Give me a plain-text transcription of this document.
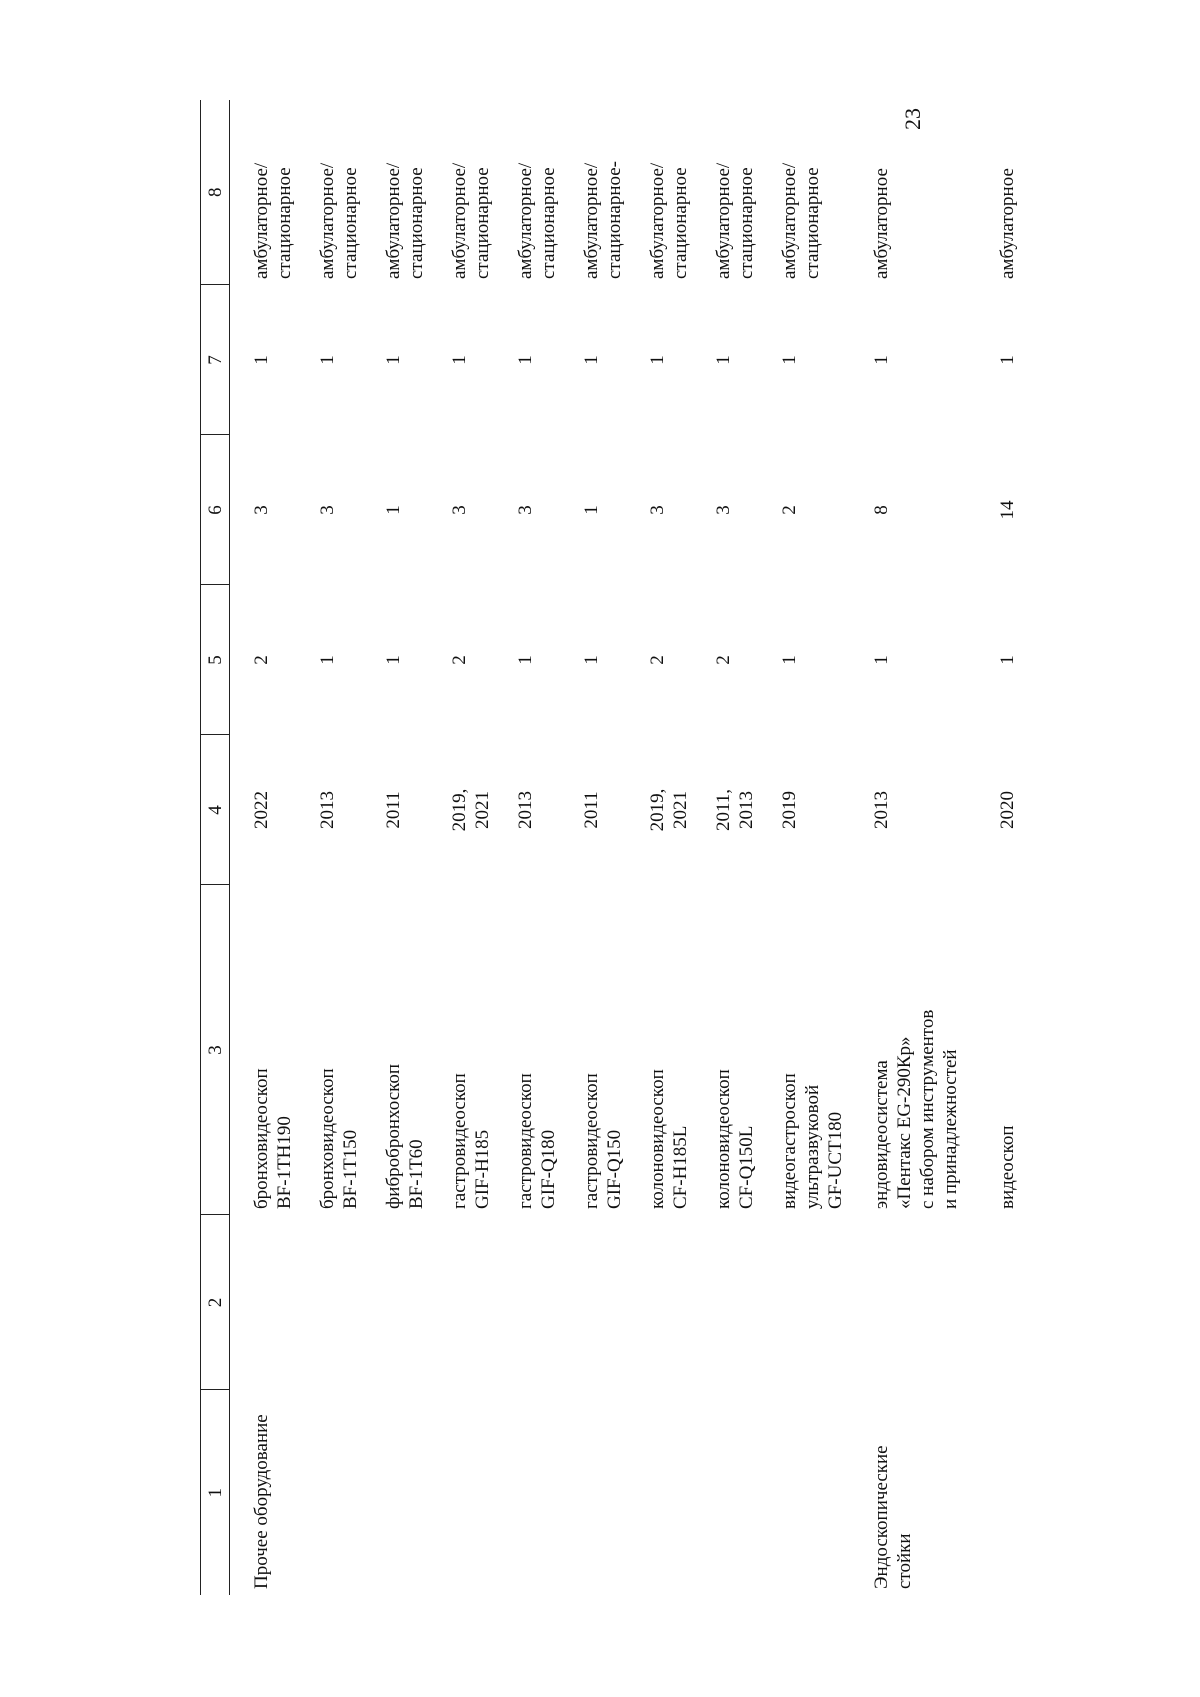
23
1	2	3	4	5	6	7	8
Прочее оборудование		бронховидеоскоп BF-1TH190	2022	2	3	1	амбулаторное/ стационарное

		бронховидеоскоп BF-1T150	2013	1	3	1	амбулаторное/ стационарное

		фибробронхоскоп BF-1T60	2011	1	1	1	амбулаторное/ стационарное

		гастровидеоскоп GIF-H185	2019, 2021	2	3	1	амбулаторное/ стационарное

		гастровидеоскоп GIF-Q180	2013	1	3	1	амбулаторное/ стационарное

		гастровидеоскоп GIF-Q150	2011	1	1	1	амбулаторное/ стационарное-

		колоновидеоскоп CF-H185L	2019, 2021	2	3	1	амбулаторное/ стационарное

		колоновидеоскоп CF-Q150L	2011, 2013	2	3	1	амбулаторное/ стационарное

		видеогастроскоп ультразвуковой GF-UCT180	2019	1	2	1	амбулаторное/ стационарное

Эндоскопические стойки		эндовидеосистема «Пентакс EG-290Кр» с набором инструментов и принадлежностей	2013	1	8	1	амбулаторное

		видеоскоп	2020	1	14	1	амбулаторное
